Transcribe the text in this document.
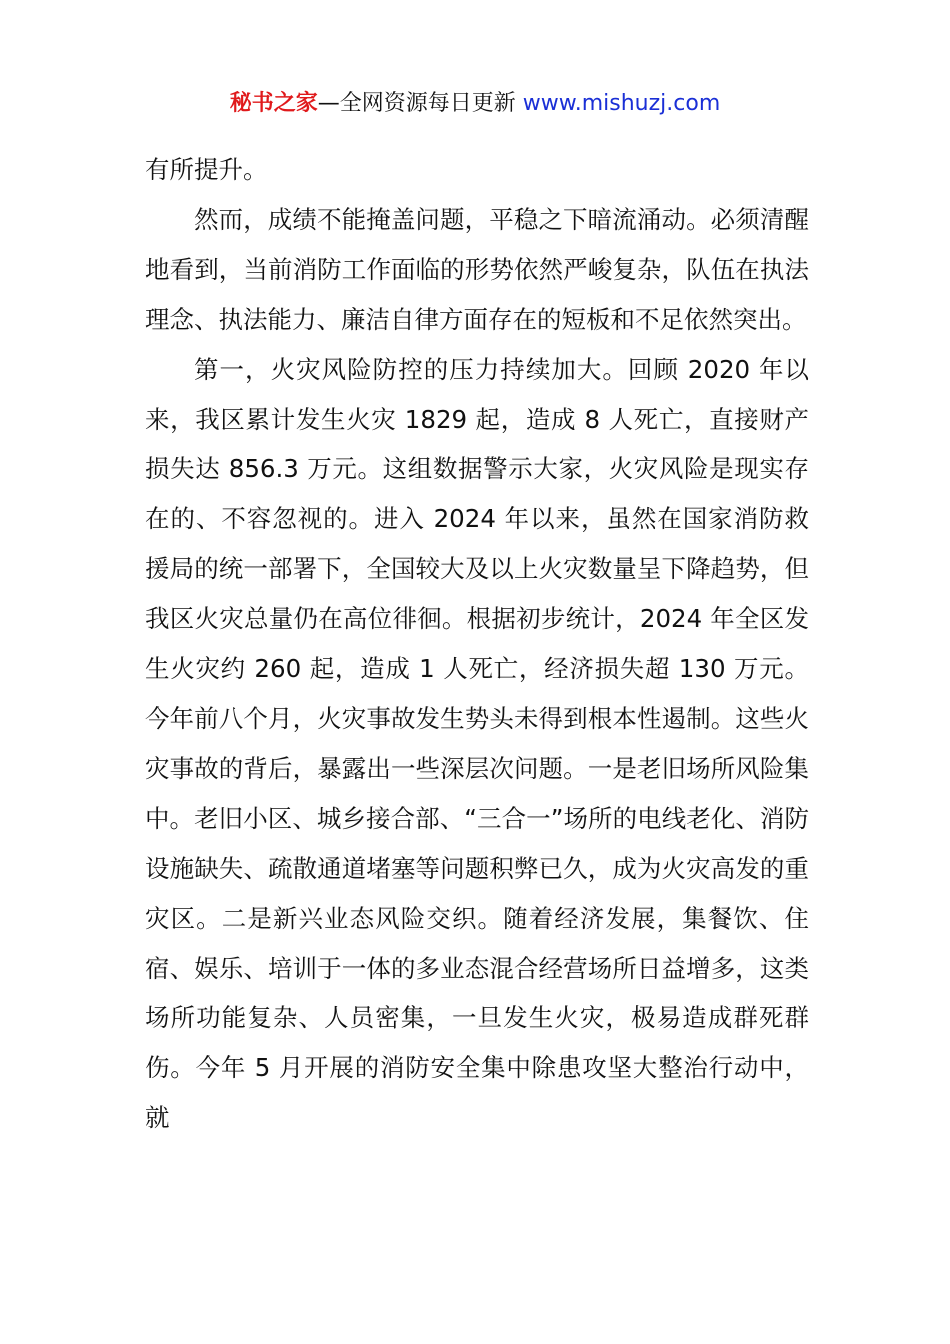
秘书之家—全网资源每日更新 www.mishuzj.com

有所提升。

然而，成绩不能掩盖问题，平稳之下暗流涌动。必须清醒地看到，当前消防工作面临的形势依然严峻复杂，队伍在执法理念、执法能力、廉洁自律方面存在的短板和不足依然突出。

第一，火灾风险防控的压力持续加大。回顾 2020 年以来，我区累计发生火灾 1829 起，造成 8 人死亡，直接财产损失达 856.3 万元。这组数据警示大家，火灾风险是现实存在的、不容忽视的。进入 2024 年以来，虽然在国家消防救援局的统一部署下，全国较大及以上火灾数量呈下降趋势，但我区火灾总量仍在高位徘徊。根据初步统计，2024 年全区发生火灾约 260 起，造成 1 人死亡，经济损失超 130 万元。今年前八个月，火灾事故发生势头未得到根本性遏制。这些火灾事故的背后，暴露出一些深层次问题。一是老旧场所风险集中。老旧小区、城乡接合部、“三合一”场所的电线老化、消防设施缺失、疏散通道堵塞等问题积弊已久，成为火灾高发的重灾区。二是新兴业态风险交织。随着经济发展，集餐饮、住宿、娱乐、培训于一体的多业态混合经营场所日益增多，这类场所功能复杂、人员密集，一旦发生火灾，极易造成群死群伤。今年 5 月开展的消防安全集中除患攻坚大整治行动中，就
